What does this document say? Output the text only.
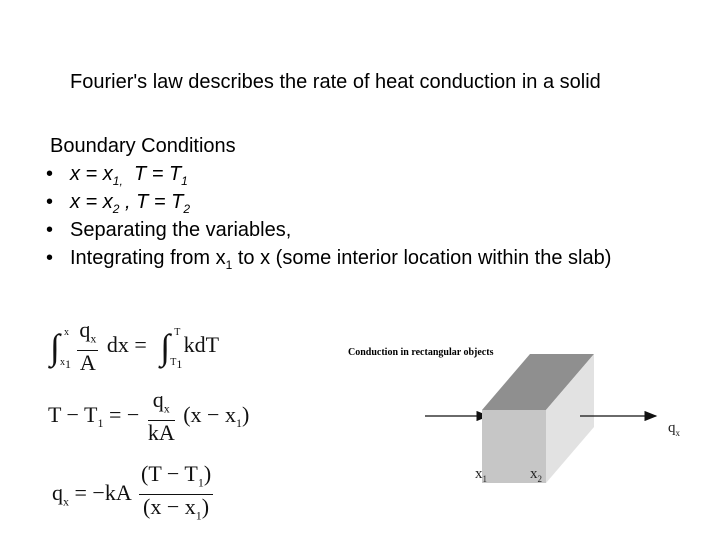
Fourier's law describes the rate of heat conduction in a solid
Boundary Conditions
• $x = x_{1,}$ $T = T_1$
• $x = x_2$ , $T = T_2$
• Separating the variables,
• Integrating from $x_1$ to x (some interior location within the slab)
∫ x
$x_1$
$\frac{q_x}{A}$ dx = ∫ T
$T_1$
kdT
$T - T_1$ = − $\frac{q_x}{kA} (x - x_1)$
$q_x = -kA \frac{(T - T_1)}{(x - x_1)}$
Conduction in rectangular objects
$x_1$	$x_2$
$q_x$
